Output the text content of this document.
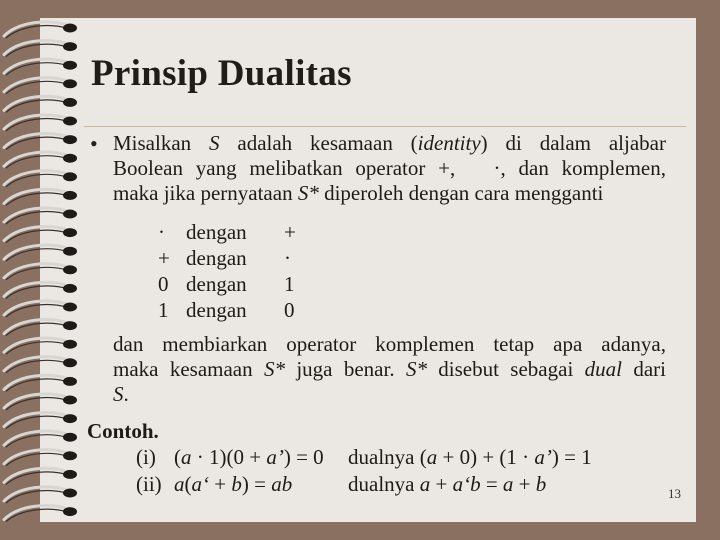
Prinsip Dualitas
• Misalkan S adalah kesamaan (identity) di dalam aljabar
Boolean yang melibatkan operator +,   ·, dan komplemen,
maka jika pernyataan S* diperoleh dengan cara mengganti
·	dengan	+
+ dengan	·
0 dengan	1
1 dengan	0
dan membiarkan operator komplemen tetap apa adanya,
maka kesamaan S* juga benar. S* disebut sebagai dual dari
S.
Contoh.
(i) (a · 1)(0 + a’) = 0 dualnya (a + 0) + (1 · a’) = 1
(ii) a(a‘ + b) = ab	dualnya a + a‘b = a + b	13
